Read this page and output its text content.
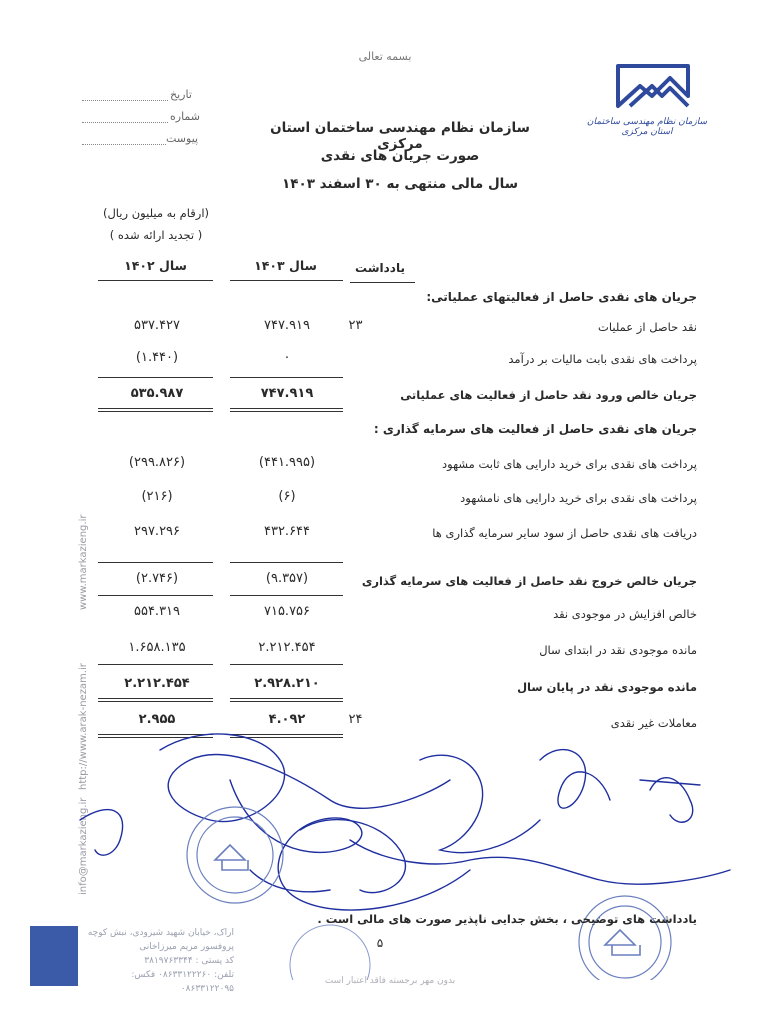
بسمه تعالی
سازمان نظام مهندسی ساختمان استان مرکزی
تاریخ
شماره
پیوست
سازمان نظام مهندسی ساختمان استان مرکزی
صورت جریان های نقدی
سال مالی منتهی به ۳۰ اسفند ۱۴۰۳
(ارقام به میلیون ریال)
( تجدید ارائه شده )
یادداشت
سال ۱۴۰۳
سال ۱۴۰۲
جریان های نقدی حاصل از فعالیتهای عملیاتی:
نقد حاصل از عملیات
۲۳
۷۴۷.۹۱۹
۵۳۷.۴۲۷
پرداخت های نقدی بابت مالیات بر درآمد
۰
(۱.۴۴۰)
جریان خالص ورود نقد حاصل از فعالیت های عملیاتی
۷۴۷.۹۱۹
۵۳۵.۹۸۷
جریان های نقدی حاصل از فعالیت های سرمایه گذاری :
پرداخت های نقدی برای خرید دارایی های ثابت مشهود
(۴۴۱.۹۹۵)
(۲۹۹.۸۲۶)
پرداخت های نقدی برای خرید دارایی های نامشهود
(۶)
(۲۱۶)
دریافت های نقدی حاصل از سود سایر سرمایه گذاری ها
۴۳۲.۶۴۴
۲۹۷.۲۹۶
جریان خالص خروج نقد حاصل از فعالیت های سرمایه گذاری
(۹.۳۵۷)
(۲.۷۴۶)
خالص افزایش در موجودی نقد
۷۱۵.۷۵۶
۵۵۴.۳۱۹
مانده موجودی نقد در ابتدای سال
۲.۲۱۲.۴۵۴
۱.۶۵۸.۱۳۵
مانده موجودی نقد در پایان سال
۲.۹۲۸.۲۱۰
۲.۲۱۲.۴۵۴
معاملات غیر نقدی
۲۴
۴.۰۹۲
۲.۹۵۵
www.markazieng.ir
http://www.arak-nezam.ir
info@markazieng.ir
یادداشت های توضیحی ، بخش جدایی ناپذیر صورت های مالی است .
۵
اراک، خیابان شهید شیرودی، نبش کوچه
پروفسور مریم میرزاخانی
کد پستی : ۳۸۱۹۷۶۳۳۴۴
تلفن: ۰۸۶۳۳۱۲۲۲۶۰ فکس: ۰۸۶۳۳۱۲۲۰۹۵
بدون مهر برجسته فاقد اعتبار است
